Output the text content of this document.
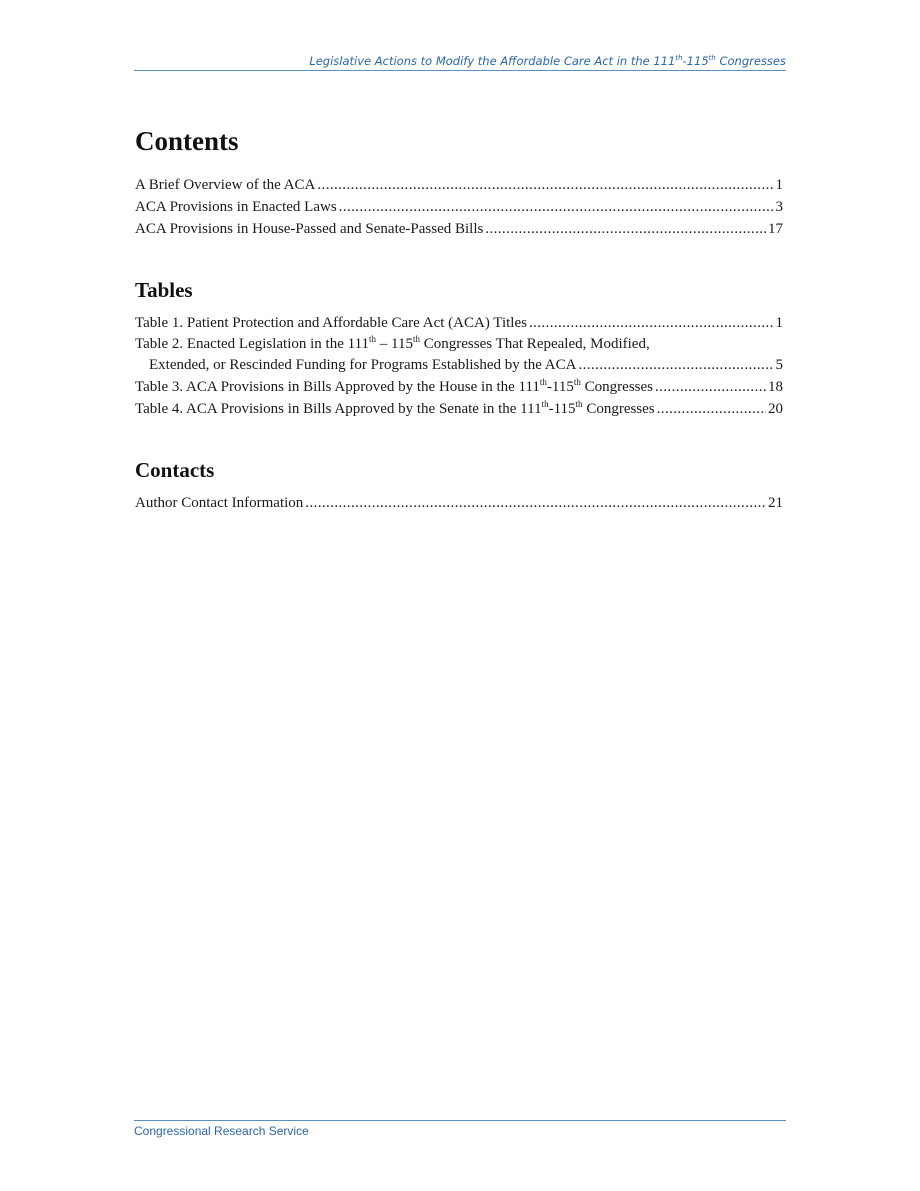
Legislative Actions to Modify the Affordable Care Act in the 111th-115th Congresses
Contents
A Brief Overview of the ACA .....	1
ACA Provisions in Enacted Laws .....	3
ACA Provisions in House-Passed and Senate-Passed Bills .....	17
Tables
Table 1. Patient Protection and Affordable Care Act (ACA) Titles .....	1
Table 2. Enacted Legislation in the 111th – 115th Congresses That Repealed, Modified,
Extended, or Rescinded Funding for Programs Established by the ACA .....	5
Table 3. ACA Provisions in Bills Approved by the House in the 111th-115th Congresses .....	18
Table 4. ACA Provisions in Bills Approved by the Senate in the 111th-115th Congresses .....	20
Contacts
Author Contact Information .....	21
Congressional Research Service
